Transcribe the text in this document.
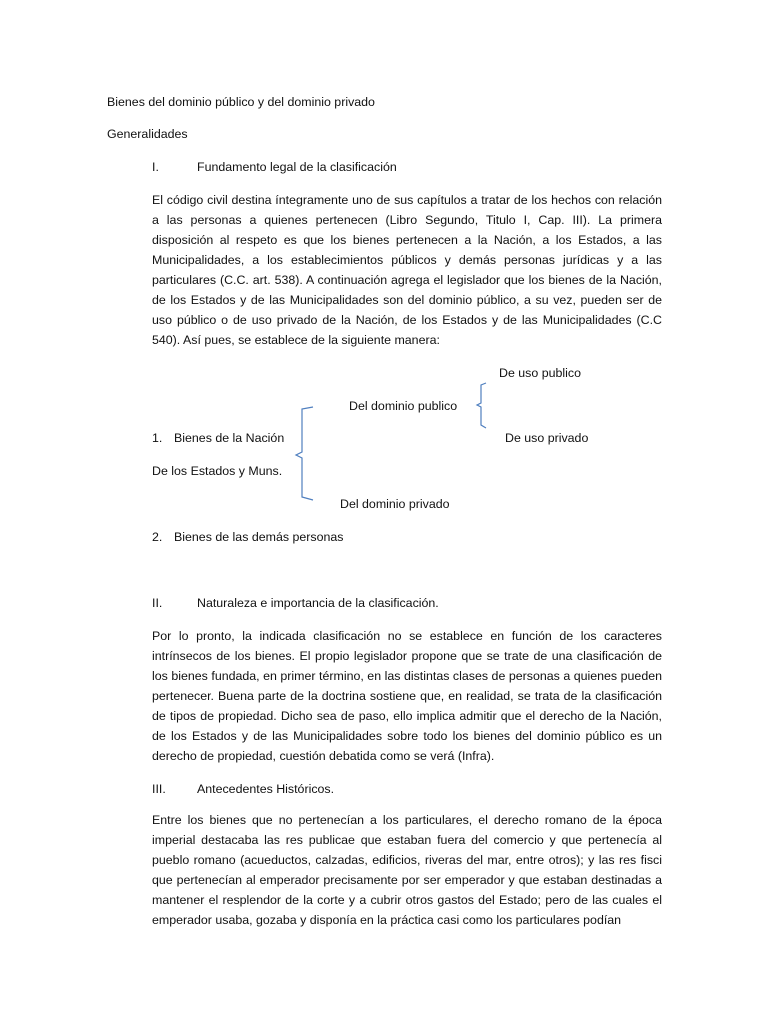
Bienes del dominio público y del dominio privado
Generalidades
I.	Fundamento legal de la clasificación
El código civil destina íntegramente uno de sus capítulos a tratar de los hechos con relación a las personas a quienes pertenecen (Libro Segundo, Titulo I, Cap. III). La primera disposición al respeto es que los bienes pertenecen a la Nación, a los Estados, a las Municipalidades, a los establecimientos públicos y demás personas jurídicas y a las particulares (C.C. art. 538). A continuación agrega el legislador que los bienes de la Nación, de los Estados y de las Municipalidades son del dominio público, a su vez, pueden ser de uso público o de uso privado de la Nación, de los Estados y de las Municipalidades (C.C 540). Así pues, se establece de la siguiente manera:
De uso publico
Del dominio publico
1. Bienes de la Nación	De uso privado
De los Estados y Muns.
Del dominio privado
2. Bienes de las demás personas
II.	Naturaleza e importancia de la clasificación.
Por lo pronto, la indicada clasificación no se establece en función de los caracteres intrínsecos de los bienes. El propio legislador propone que se trate de una clasificación de los bienes fundada, en primer término, en las distintas clases de personas a quienes pueden pertenecer. Buena parte de la doctrina sostiene que, en realidad, se trata de la clasificación de tipos de propiedad. Dicho sea de paso, ello implica admitir que el derecho de la Nación, de los Estados y de las Municipalidades sobre todo los bienes del dominio público es un derecho de propiedad, cuestión debatida como se verá (Infra).
III.	Antecedentes Históricos.
Entre los bienes que no pertenecían a los particulares, el derecho romano de la época imperial destacaba las res publicae que estaban fuera del comercio y que pertenecía al pueblo romano (acueductos, calzadas, edificios, riveras del mar, entre otros); y las res fisci que pertenecían al emperador precisamente por ser emperador y que estaban destinadas a mantener el resplendor de la corte y a cubrir otros gastos del Estado; pero de las cuales el emperador usaba, gozaba y disponía en la práctica casi como los particulares podían
